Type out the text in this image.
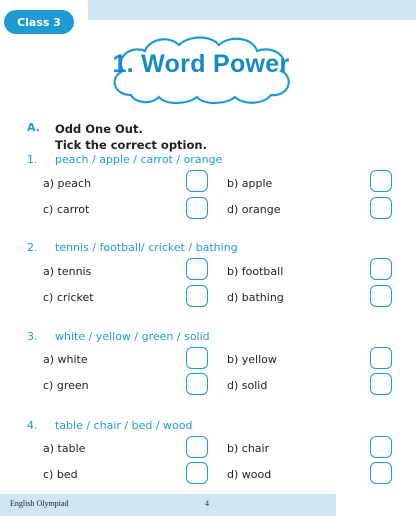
Class 3
1. Word Power
A. Odd One Out.
Tick the correct option.
1. peach / apple / carrot / orange
a) peach	b) apple
c) carrot	d) orange
2. tennis / football/ cricket / bathing
a) tennis	b) football
c) cricket	d) bathing
3. white / yellow / green / solid
a) white	b) yellow
c) green	d) solid
4. table / chair / bed / wood
a) table	b) chair
c) bed	d) wood
English Olympiad	4
